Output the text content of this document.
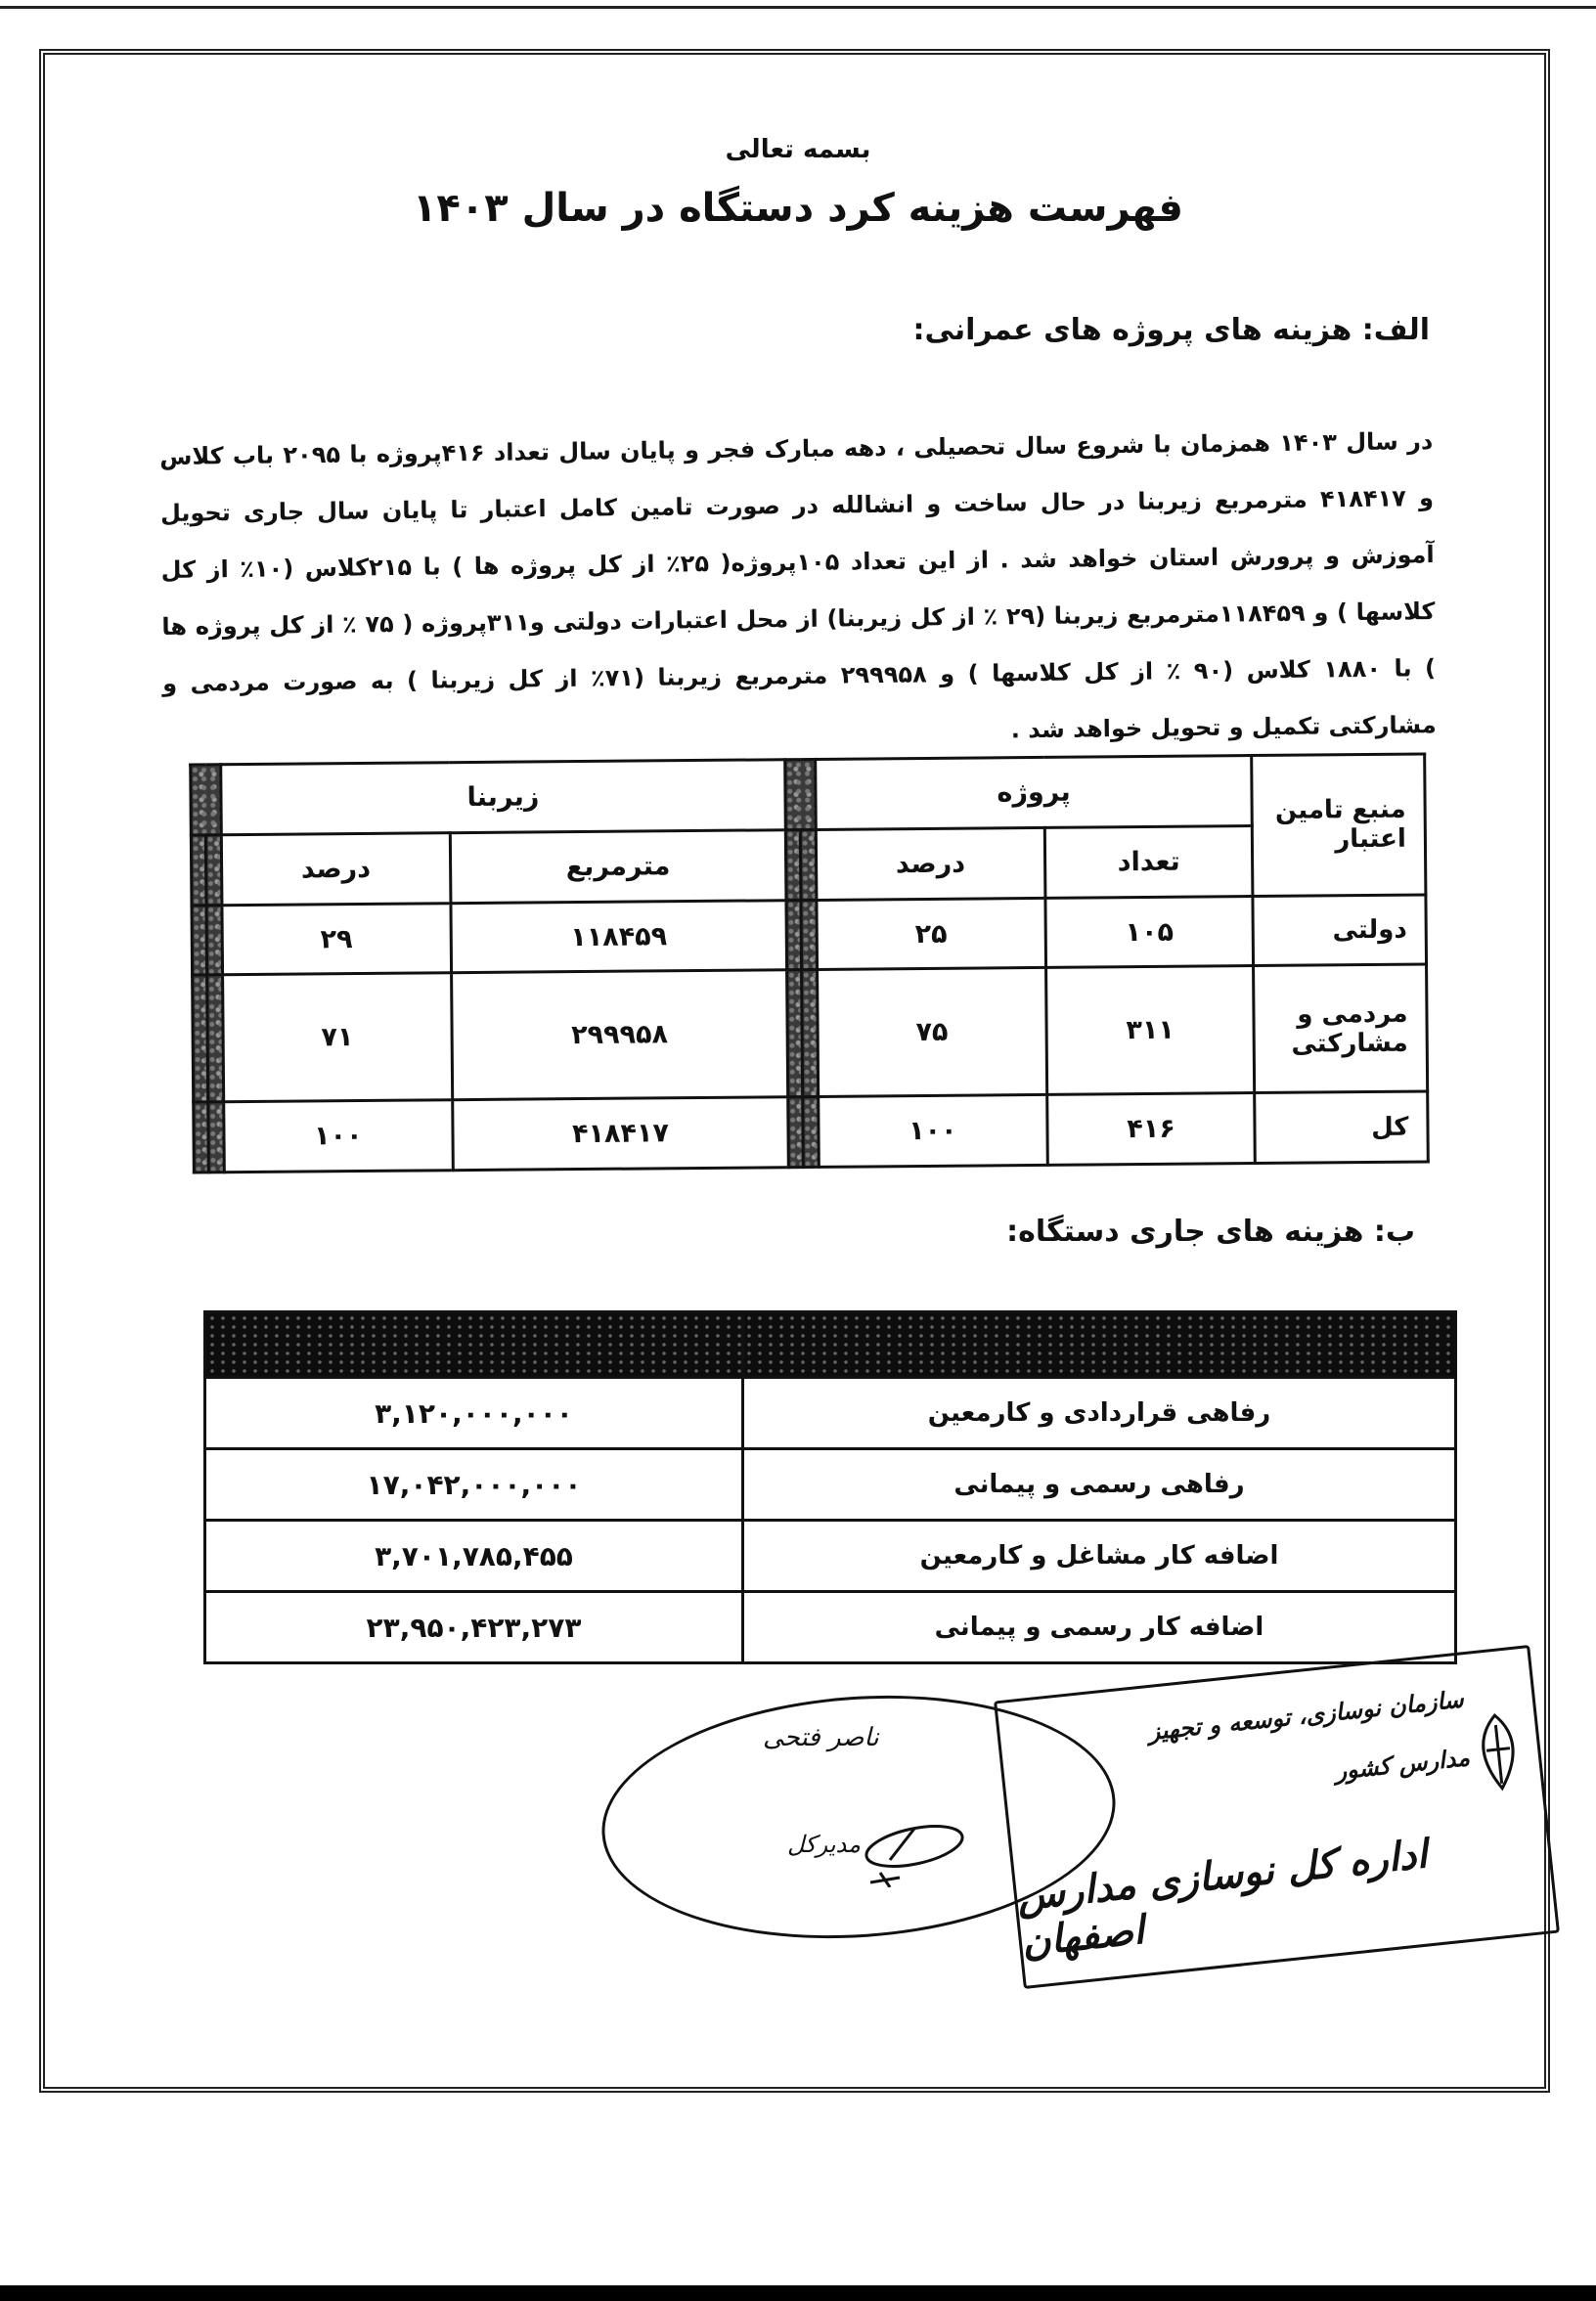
بسمه تعالی
فهرست هزینه کرد دستگاه در سال ۱۴۰۳
الف: هزینه های پروژه های عمرانی:
در سال ۱۴۰۳ همزمان با شروع سال تحصیلی ، دهه مبارک فجر و پایان سال تعداد ۴۱۶پروژه با ۲۰۹۵ باب کلاس و ۴۱۸۴۱۷ مترمربع زیربنا در حال ساخت و انشالله در صورت تامین کامل اعتبار تا پایان سال جاری تحویل آموزش و پرورش استان خواهد شد . از این تعداد ۱۰۵پروژه( ۲۵٪ از کل پروژه ها ) با ۲۱۵کلاس (۱۰٪ از کل کلاسها ) و ۱۱۸۴۵۹مترمربع زیربنا (۲۹ ٪ از کل زیربنا) از محل اعتبارات دولتی و۳۱۱پروژه ( ۷۵ ٪ از کل پروژه ها ) با ۱۸۸۰ کلاس (۹۰ ٪ از کل کلاسها ) و ۲۹۹۹۵۸ مترمربع زیربنا (۷۱٪ از کل زیربنا ) به صورت مردمی و مشارکتی تکمیل و تحویل خواهد شد .
منبع تامین اعتبار	پروژه				زیربنا			
	تعداد	درصد			مترمربع	درصد		
دولتی	۱۰۵	۲۵			۱۱۸۴۵۹	۲۹		
مردمی و مشارکتی	۳۱۱	۷۵			۲۹۹۹۵۸	۷۱		
کل	۴۱۶	۱۰۰			۴۱۸۴۱۷	۱۰۰		
ب: هزینه های جاری دستگاه:

رفاهی قراردادی و کارمعین	۳,۱۲۰,۰۰۰,۰۰۰
رفاهی رسمی و پیمانی	۱۷,۰۴۲,۰۰۰,۰۰۰
اضافه کار مشاغل و کارمعین	۳,۷۰۱,۷۸۵,۴۵۵
اضافه کار رسمی و پیمانی	۲۳,۹۵۰,۴۲۳,۲۷۳
ناصر فتحی
مدیرکل
سازمان نوسازی، توسعه و تجهیز
مدارس کشور
اداره کل نوسازی مدارس اصفهان
